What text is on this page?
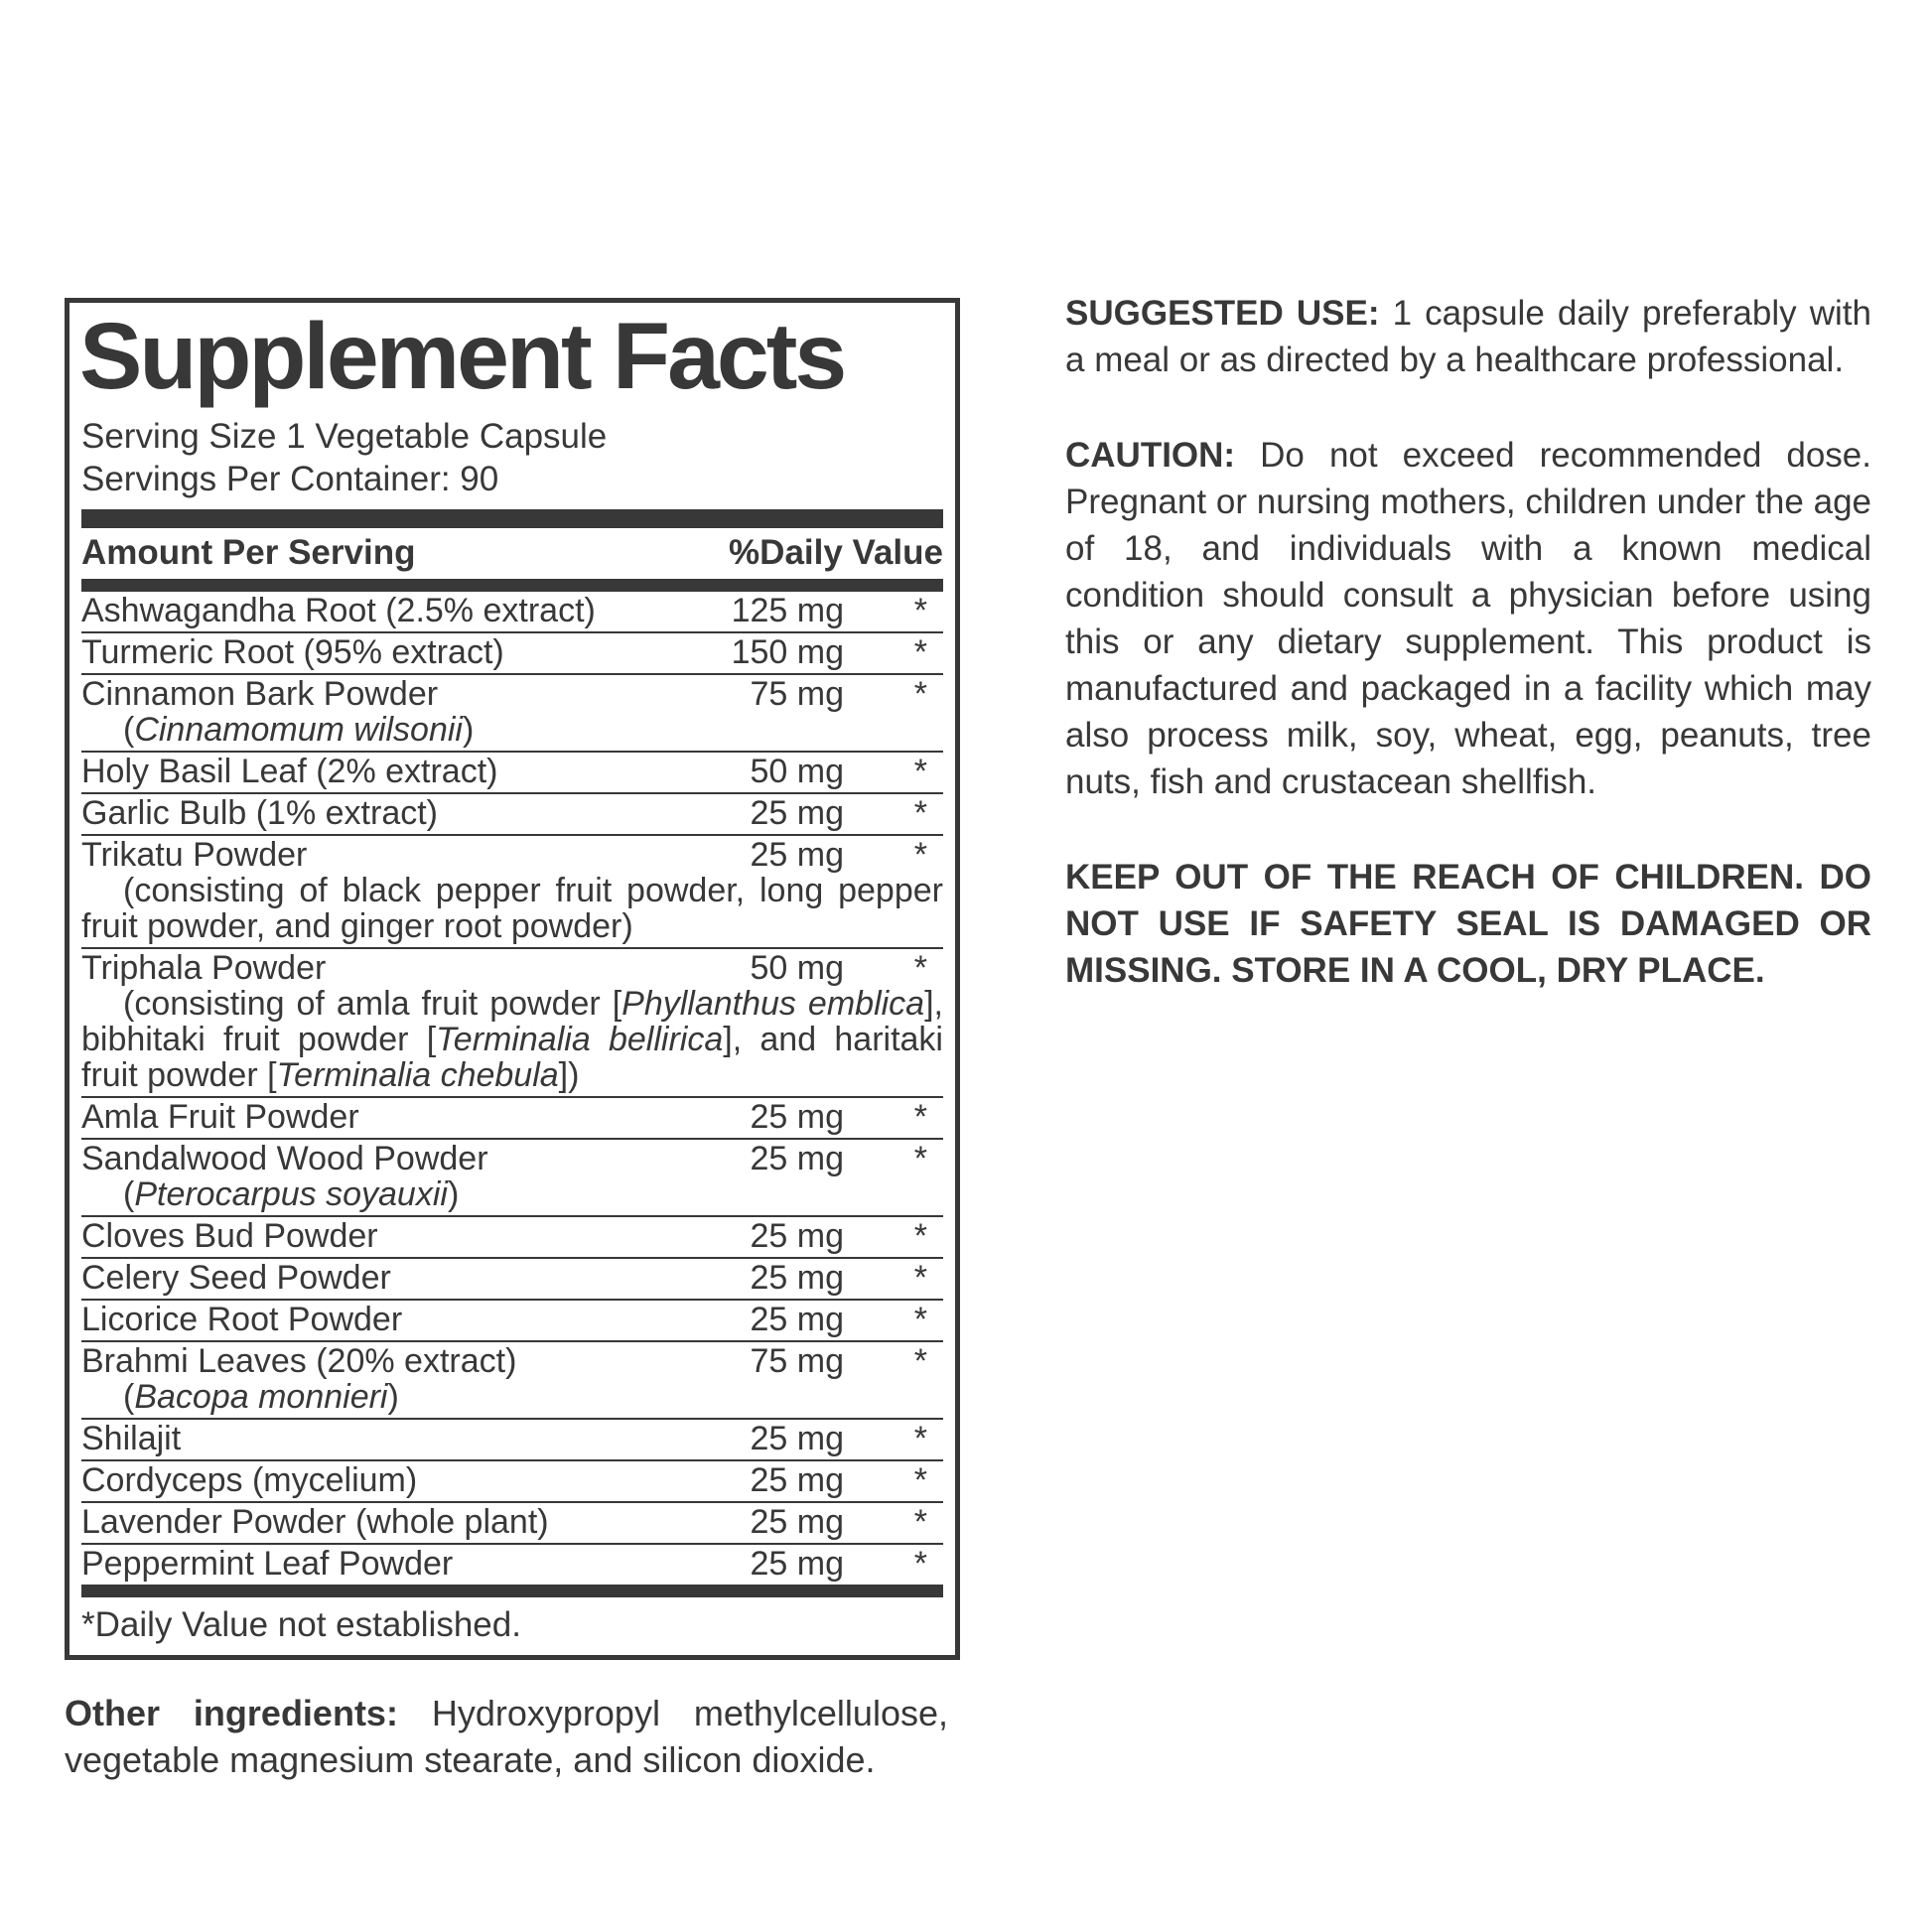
Supplement Facts
Serving Size 1 Vegetable Capsule
Servings Per Container: 90
Amount Per Serving	%Daily Value
Ashwagandha Root (2.5% extract)	125 mg	*
Turmeric Root (95% extract)	150 mg	*
Cinnamon Bark Powder	75 mg	*
(Cinnamomum wilsonii)
Holy Basil Leaf (2% extract)	50 mg	*
Garlic Bulb (1% extract)	25 mg	*
Trikatu Powder	25 mg	*
(consisting of black pepper fruit powder, long pepper fruit powder, and ginger root powder)
Triphala Powder	50 mg	*
(consisting of amla fruit powder [Phyllanthus emblica], bibhitaki fruit powder [Terminalia bellirica], and haritaki fruit powder [Terminalia chebula])
Amla Fruit Powder	25 mg	*
Sandalwood Wood Powder	25 mg	*
(Pterocarpus soyauxii)
Cloves Bud Powder	25 mg	*
Celery Seed Powder	25 mg	*
Licorice Root Powder	25 mg	*
Brahmi Leaves (20% extract)	75 mg	*
(Bacopa monnieri)
Shilajit	25 mg	*
Cordyceps (mycelium)	25 mg	*
Lavender Powder (whole plant)	25 mg	*
Peppermint Leaf Powder	25 mg	*
*Daily Value not established.
Other ingredients: Hydroxypropyl methylcellulose, vegetable magnesium stearate, and silicon dioxide.

SUGGESTED USE: 1 capsule daily preferably with a meal or as directed by a healthcare professional.

CAUTION: Do not exceed recommended dose. Pregnant or nursing mothers, children under the age of 18, and individuals with a known medical condition should consult a physician before using this or any dietary supplement. This product is manufactured and packaged in a facility which may also process milk, soy, wheat, egg, peanuts, tree nuts, fish and crustacean shellfish.

KEEP OUT OF THE REACH OF CHILDREN. DO NOT USE IF SAFETY SEAL IS DAMAGED OR MISSING. STORE IN A COOL, DRY PLACE.
